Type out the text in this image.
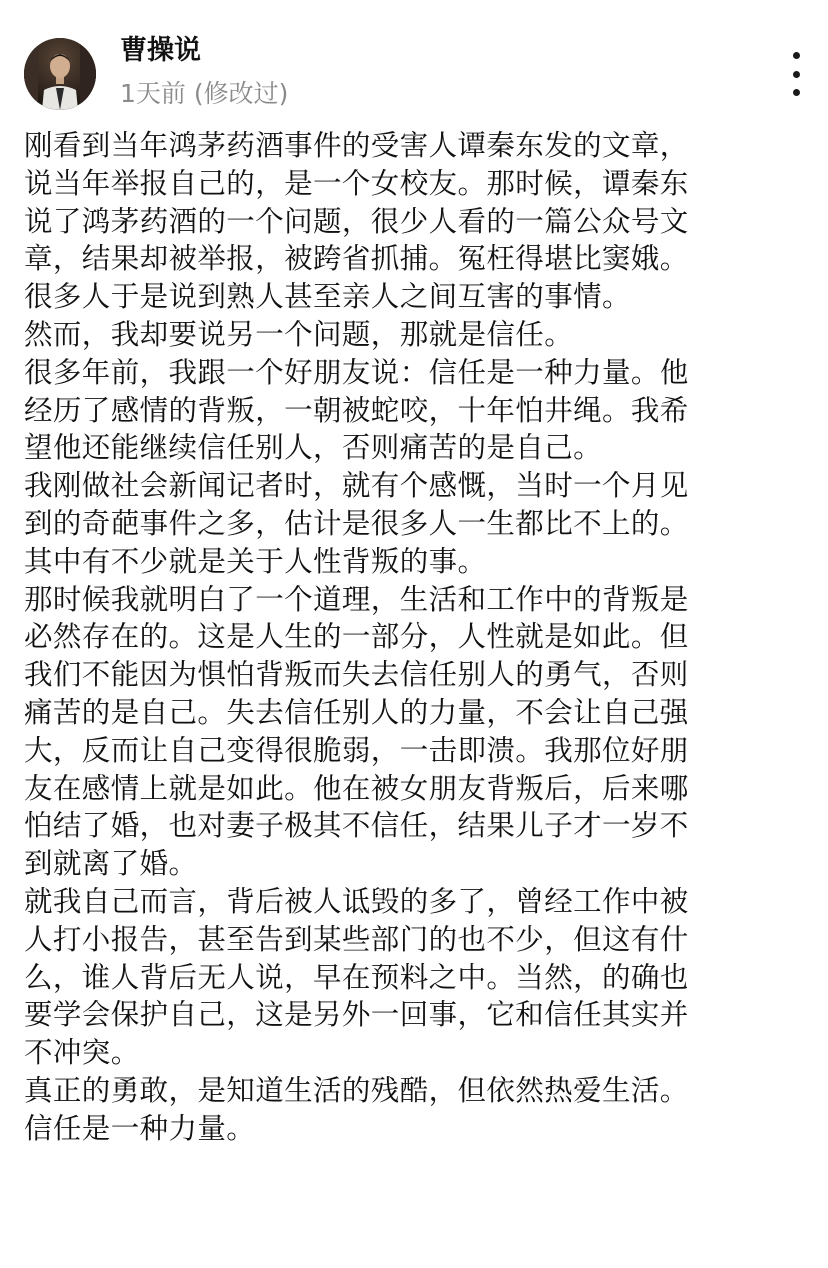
曹操说
1天前 (修改过)

刚看到当年鸿茅药酒事件的受害人谭秦东发的文章，

说当年举报自己的，是一个女校友。那时候，谭秦东

说了鸿茅药酒的一个问题，很少人看的一篇公众号文

章，结果却被举报，被跨省抓捕。冤枉得堪比窦娥。

很多人于是说到熟人甚至亲人之间互害的事情。

然而，我却要说另一个问题，那就是信任。

很多年前，我跟一个好朋友说：信任是一种力量。他

经历了感情的背叛，一朝被蛇咬，十年怕井绳。我希

望他还能继续信任别人，否则痛苦的是自己。

我刚做社会新闻记者时，就有个感慨，当时一个月见

到的奇葩事件之多，估计是很多人一生都比不上的。

其中有不少就是关于人性背叛的事。

那时候我就明白了一个道理，生活和工作中的背叛是

必然存在的。这是人生的一部分，人性就是如此。但

我们不能因为惧怕背叛而失去信任别人的勇气，否则

痛苦的是自己。失去信任别人的力量，不会让自己强

大，反而让自己变得很脆弱，一击即溃。我那位好朋

友在感情上就是如此。他在被女朋友背叛后，后来哪

怕结了婚，也对妻子极其不信任，结果儿子才一岁不

到就离了婚。

就我自己而言，背后被人诋毁的多了，曾经工作中被

人打小报告，甚至告到某些部门的也不少，但这有什

么，谁人背后无人说，早在预料之中。当然，的确也

要学会保护自己，这是另外一回事，它和信任其实并

不冲突。

真正的勇敢，是知道生活的残酷，但依然热爱生活。

信任是一种力量。
